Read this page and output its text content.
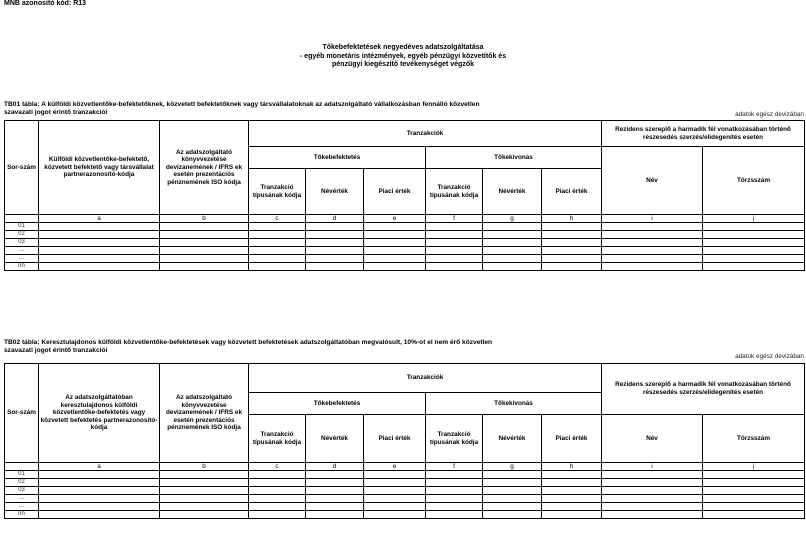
MNB azonosító kód: R13
Tőkebefektetések negyedéves adatszolgáltatása
- egyéb monetáris intézmények, egyéb pénzügyi közvetítők és
pénzügyi kiegészítő tevékenységet végzők
TB01 tábla: A külföldi közvetlentőke-befektetőknek, közvetett befektetőknek vagy társvállalatoknak az adatszolgáltató vállalkozásban fennálló közvetlen
szavazati jogot érintő tranzakciói	adatok egész devizában
Sor-szám	Külföldi közvetlentőke-befektető, közvetett befektető vagy társvállalat partnerazonosító-kódja	Az adatszolgáltató könyvvezetése devizanemének / IFRS ek esetén prezentációs pénznemének ISO kódja	Tranzakciók						Rezidens szereplő a harmadik fél vonatkozásában történő részesedés szerzés/elidegenítés esetén	
			Tőkebefektetés			Tőkekivonás			Név	Törzsszám
			Tranzakció típusának kódja	Névérték	Piaci érték	Tranzakció típusának kódja	Névérték	Piaci érték		
	a	b	c	d	e	f	g	h	i	j
01										
02										
03										
...										
...										
nn										
TB02 tábla: Keresztulajdonos külföldi közvetlentőke-befektetések vagy közvetett befektetések adatszolgáltatóban megvalósult, 10%-ot el nem érő közvetlen
szavazati jogot érintő tranzakciói
adatok egész devizában
Sor-szám	Az adatszolgáltatóban keresztulajdonos külföldi közvetlentőke-befektetés vagy közvetett befektetés partnerazonosító-kódja	Az adatszolgáltató könyvvezetése devizanemének / IFRS ek esetén prezentációs pénznemének ISO kódja	Tranzakciók						Rezidens szereplő a harmadik fél vonatkozásában történő részesedés szerzés/elidegenítés esetén	
			Tőkebefektetés			Tőkekivonás				
			Tranzakció típusának kódja	Névérték	Piaci érték	Tranzakció típusának kódja	Névérték	Piaci érték	Név	Törzsszám
	a	b	c	d	e	f	g	h	i	j
01										
02										
03										
...										
...										
nn										
